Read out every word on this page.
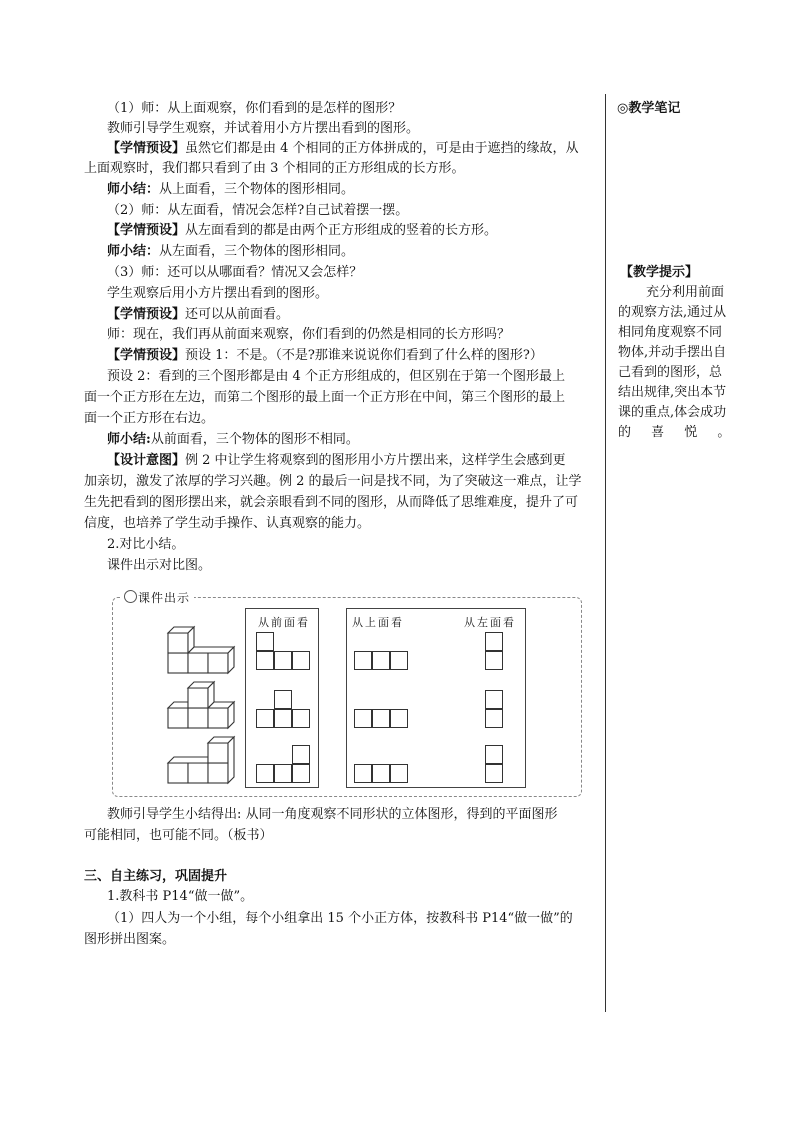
（1）师：从上面观察，你们看到的是怎样的图形？
教师引导学生观察，并试着用小方片摆出看到的图形。
【学情预设】虽然它们都是由 4 个相同的正方体拼成的，可是由于遮挡的缘故，从
上面观察时，我们都只看到了由 3 个相同的正方形组成的长方形。
师小结：从上面看，三个物体的图形相同。
（2）师：从左面看，情况会怎样?自己试着摆一摆。
【学情预设】从左面看到的都是由两个正方形组成的竖着的长方形。
师小结：从左面看，三个物体的图形相同。
（3）师：还可以从哪面看？情况又会怎样？
学生观察后用小方片摆出看到的图形。
【学情预设】还可以从前面看。
师：现在，我们再从前面来观察，你们看到的仍然是相同的长方形吗？
【学情预设】预设 1：不是。（不是?那谁来说说你们看到了什么样的图形?）
预设 2：看到的三个图形都是由 4 个正方形组成的，但区别在于第一个图形最上
面一个正方形在左边，而第二个图形的最上面一个正方形在中间，第三个图形的最上
面一个正方形在右边。
师小结:从前面看，三个物体的图形不相同。
【设计意图】例 2 中让学生将观察到的图形用小方片摆出来，这样学生会感到更
加亲切，激发了浓厚的学习兴趣。例 2 的最后一问是找不同，为了突破这一难点，让学
生先把看到的图形摆出来，就会亲眼看到不同的图形，从而降低了思维难度，提升了可
信度，也培养了学生动手操作、认真观察的能力。
2.对比小结。
课件出示对比图。
课件出示
从前面看	从上面看	从左面看
教师引导学生小结得出: 从同一角度观察不同形状的立体图形，得到的平面图形
可能相同，也可能不同。（板书）
三、自主练习，巩固提升
1.教科书 P14“做一做”。
（1）四人为一个小组，每个小组拿出 15 个小正方体，按教科书 P14“做一做”的
图形拼出图案。
◎教学笔记
【教学提示】
充分利用前面
的观察方法,通过从
相同角度观察不同
物体,并动手摆出自
己看到的图形，总
结出规律,突出本节
课的重点,体会成功
的 喜 悦 。
